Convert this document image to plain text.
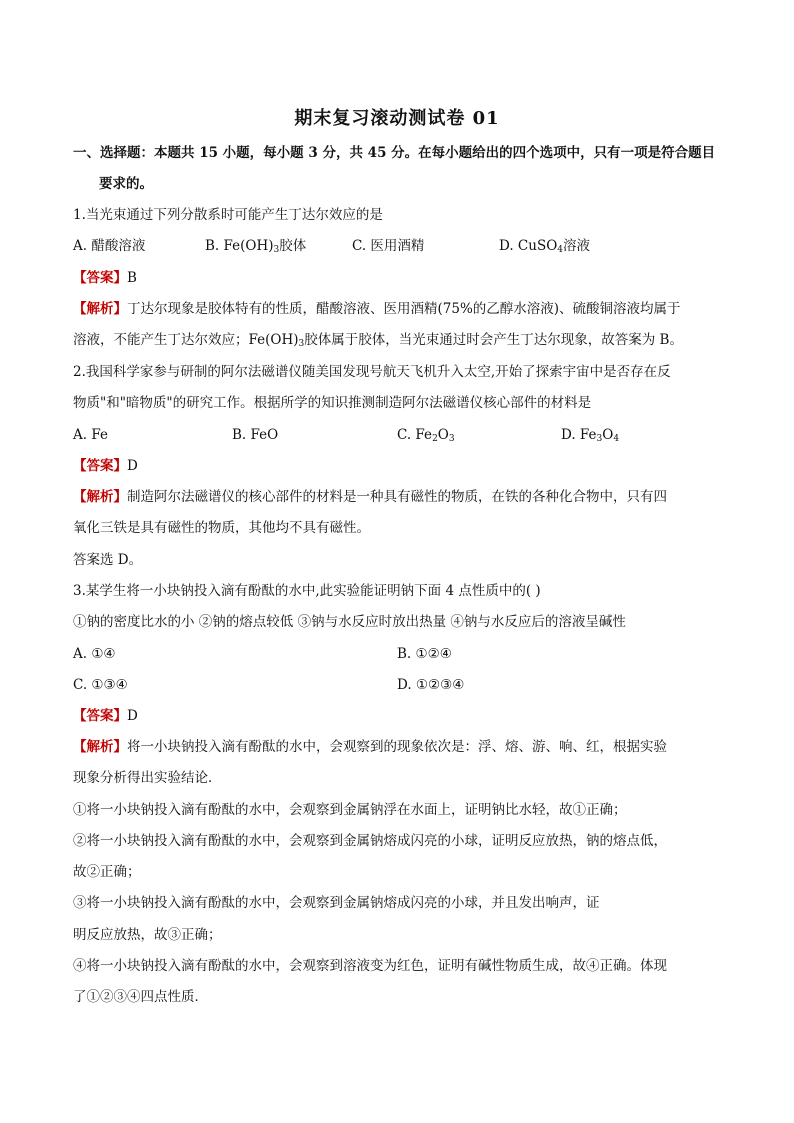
期末复习滚动测试卷 01
一、选择题：本题共 15 小题，每小题 3 分，共 45 分。在每小题给出的四个选项中，只有一项是符合题目
要求的。
1.当光束通过下列分散系时可能产生丁达尔效应的是
A. 醋酸溶液	B. $Fe(OH)_3$胶体	C. 医用酒精	D. CuSO$_4$溶液
【答案】B
【解析】丁达尔现象是胶体特有的性质，醋酸溶液、医用酒精(75%的乙醇水溶液)、硫酸铜溶液均属于
溶液，不能产生丁达尔效应；$Fe(OH)_3$胶体属于胶体，当光束通过时会产生丁达尔现象，故答案为 B。
2.我国科学家参与研制的阿尔法磁谱仪随美国发现号航天飞机升入太空,开始了探索宇宙中是否存在反
物质"和"暗物质"的研究工作。根据所学的知识推测制造阿尔法磁谱仪核心部件的材料是
A. Fe	B. FeO	C. $Fe_2O_3$	D. $Fe_3O_4$
【答案】D
【解析】制造阿尔法磁谱仪的核心部件的材料是一种具有磁性的物质，在铁的各种化合物中，只有四
氧化三铁是具有磁性的物质，其他均不具有磁性。
答案选 D。
3.某学生将一小块钠投入滴有酚酞的水中,此实验能证明钠下面 4 点性质中的( )
①钠的密度比水的小 ②钠的熔点较低 ③钠与水反应时放出热量 ④钠与水反应后的溶液呈碱性
A. ①④	B. ①②④
C. ①③④	D. ①②③④
【答案】D
【解析】将一小块钠投入滴有酚酞的水中，会观察到的现象依次是：浮、熔、游、响、红，根据实验
现象分析得出实验结论．
①将一小块钠投入滴有酚酞的水中，会观察到金属钠浮在水面上，证明钠比水轻，故①正确；
②将一小块钠投入滴有酚酞的水中，会观察到金属钠熔成闪亮的小球，证明反应放热，钠的熔点低，
故②正确；
③将一小块钠投入滴有酚酞的水中，会观察到金属钠熔成闪亮的小球，并且发出响声，证
明反应放热，故③正确；
④将一小块钠投入滴有酚酞的水中，会观察到溶液变为红色，证明有碱性物质生成，故④正确。体现
了①②③④四点性质．
